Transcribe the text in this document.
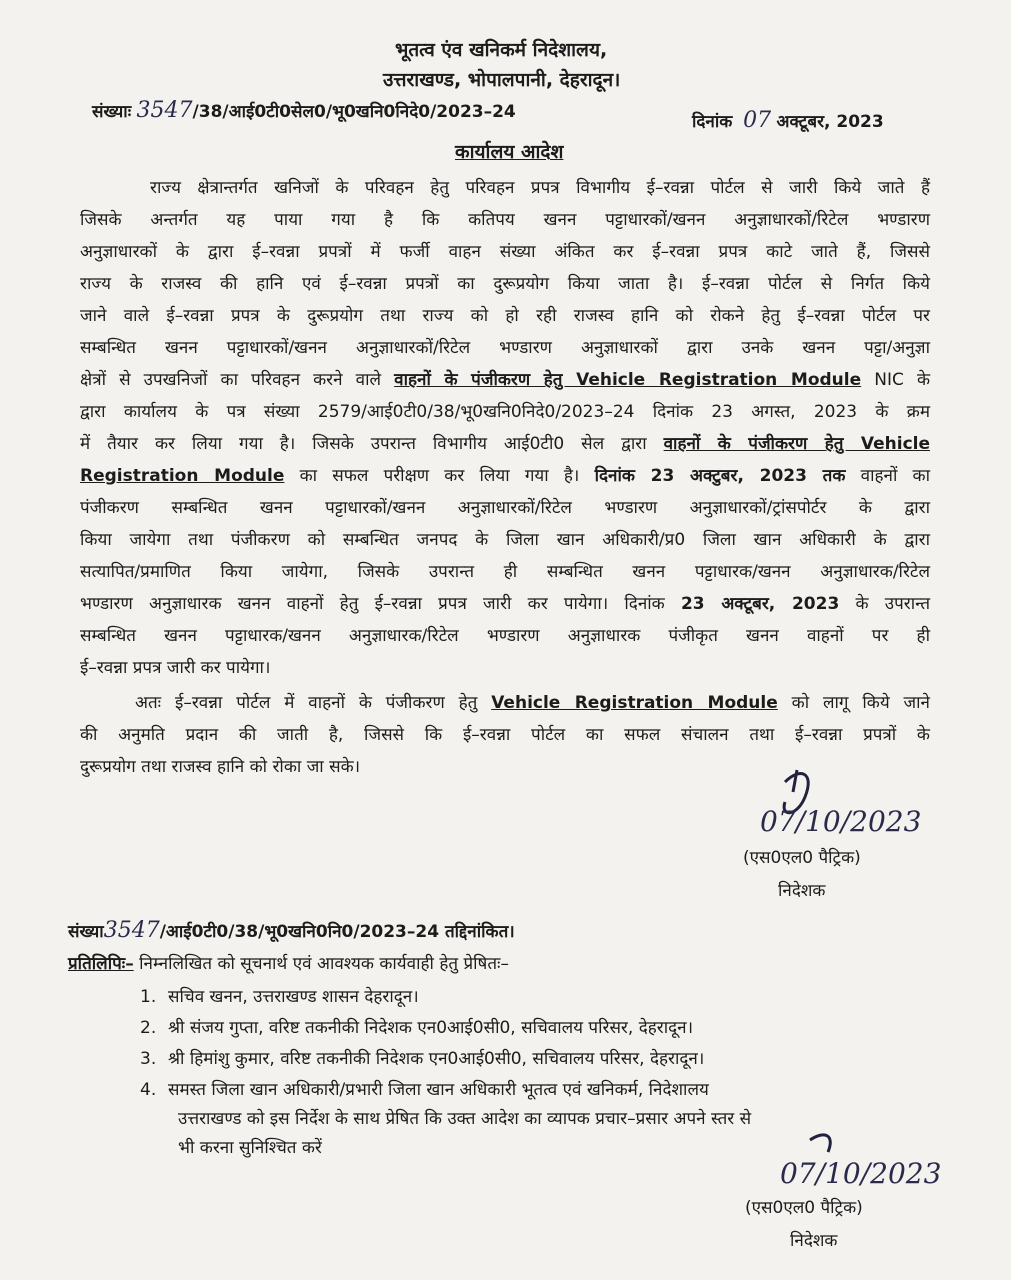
भूतत्व एंव खनिकर्म निदेशालय,
उत्तराखण्ड, भोपालपानी, देहरादून।
संख्याः 3547/38/आई0टी0सेल0/भू0खनि0निदे0/2023–24	दिनांक 07 अक्टूबर, 2023
कार्यालय आदेश
राज्य क्षेत्रान्तर्गत खनिजों के परिवहन हेतु परिवहन प्रपत्र विभागीय ई–रवन्ना पोर्टल से जारी किये जाते हैं
जिसके अन्तर्गत यह पाया गया है कि कतिपय खनन पट्टाधारकों/खनन अनुज्ञाधारकों/रिटेल भण्डारण
अनुज्ञाधारकों के द्वारा ई–रवन्ना प्रपत्रों में फर्जी वाहन संख्या अंकित कर ई–रवन्ना प्रपत्र काटे जाते हैं, जिससे
राज्य के राजस्व की हानि एवं ई–रवन्ना प्रपत्रों का दुरूप्रयोग किया जाता है। ई–रवन्ना पोर्टल से निर्गत किये
जाने वाले ई–रवन्ना प्रपत्र के दुरूप्रयोग तथा राज्य को हो रही राजस्व हानि को रोकने हेतु ई–रवन्ना पोर्टल पर
सम्बन्धित खनन पट्टाधारकों/खनन अनुज्ञाधारकों/रिटेल भण्डारण अनुज्ञाधारकों द्वारा उनके खनन पट्टा/अनुज्ञा
क्षेत्रों से उपखनिजों का परिवहन करने वाले वाहनों के पंजीकरण हेतु Vehicle Registration Module NIC के
द्वारा कार्यालय के पत्र संख्या 2579/आई0टी0/38/भू0खनि0निदे0/2023–24 दिनांक 23 अगस्त, 2023 के क्रम
में तैयार कर लिया गया है। जिसके उपरान्त विभागीय आई0टी0 सेल द्वारा वाहनों के पंजीकरण हेतु Vehicle
Registration Module का सफल परीक्षण कर लिया गया है। दिनांक 23 अक्टुबर, 2023 तक वाहनों का
पंजीकरण सम्बन्धित खनन पट्टाधारकों/खनन अनुज्ञाधारकों/रिटेल भण्डारण अनुज्ञाधारकों/ट्रांसपोर्टर के द्वारा
किया जायेगा तथा पंजीकरण को सम्बन्धित जनपद के जिला खान अधिकारी/प्र0 जिला खान अधिकारी के द्वारा
सत्यापित/प्रमाणित किया जायेगा, जिसके उपरान्त ही सम्बन्धित खनन पट्टाधारक/खनन अनुज्ञाधारक/रिटेल
भण्डारण अनुज्ञाधारक खनन वाहनों हेतु ई–रवन्ना प्रपत्र जारी कर पायेगा। दिनांक 23 अक्टूबर, 2023 के उपरान्त
सम्बन्धित खनन पट्टाधारक/खनन अनुज्ञाधारक/रिटेल भण्डारण अनुज्ञाधारक पंजीकृत खनन वाहनों पर ही
ई–रवन्ना प्रपत्र जारी कर पायेगा।
अतः ई–रवन्ना पोर्टल में वाहनों के पंजीकरण हेतु Vehicle Registration Module को लागू किये जाने
की अनुमति प्रदान की जाती है, जिससे कि ई–रवन्ना पोर्टल का सफल संचालन तथा ई–रवन्ना प्रपत्रों के
दुरूप्रयोग तथा राजस्व हानि को रोका जा सके।
07/10/2023
(एस0एल0 पैट्रिक)
निदेशक
संख्या3547/आई0टी0/38/भू0खनि0नि0/2023–24 तद्दिनांकित।
प्रतिलिपिः– निम्नलिखित को सूचनार्थ एवं आवश्यक कार्यवाही हेतु प्रेषितः–
1. सचिव खनन, उत्तराखण्ड शासन देहरादून।
2. श्री संजय गुप्ता, वरिष्ट तकनीकी निदेशक एन0आई0सी0, सचिवालय परिसर, देहरादून।
3. श्री हिमांशु कुमार, वरिष्ट तकनीकी निदेशक एन0आई0सी0, सचिवालय परिसर, देहरादून।
4. समस्त जिला खान अधिकारी/प्रभारी जिला खान अधिकारी भूतत्व एवं खनिकर्म, निदेशालय
उत्तराखण्ड को इस निर्देश के साथ प्रेषित कि उक्त आदेश का व्यापक प्रचार–प्रसार अपने स्तर से
भी करना सुनिश्चित करें
07/10/2023
(एस0एल0 पैट्रिक)
निदेशक
